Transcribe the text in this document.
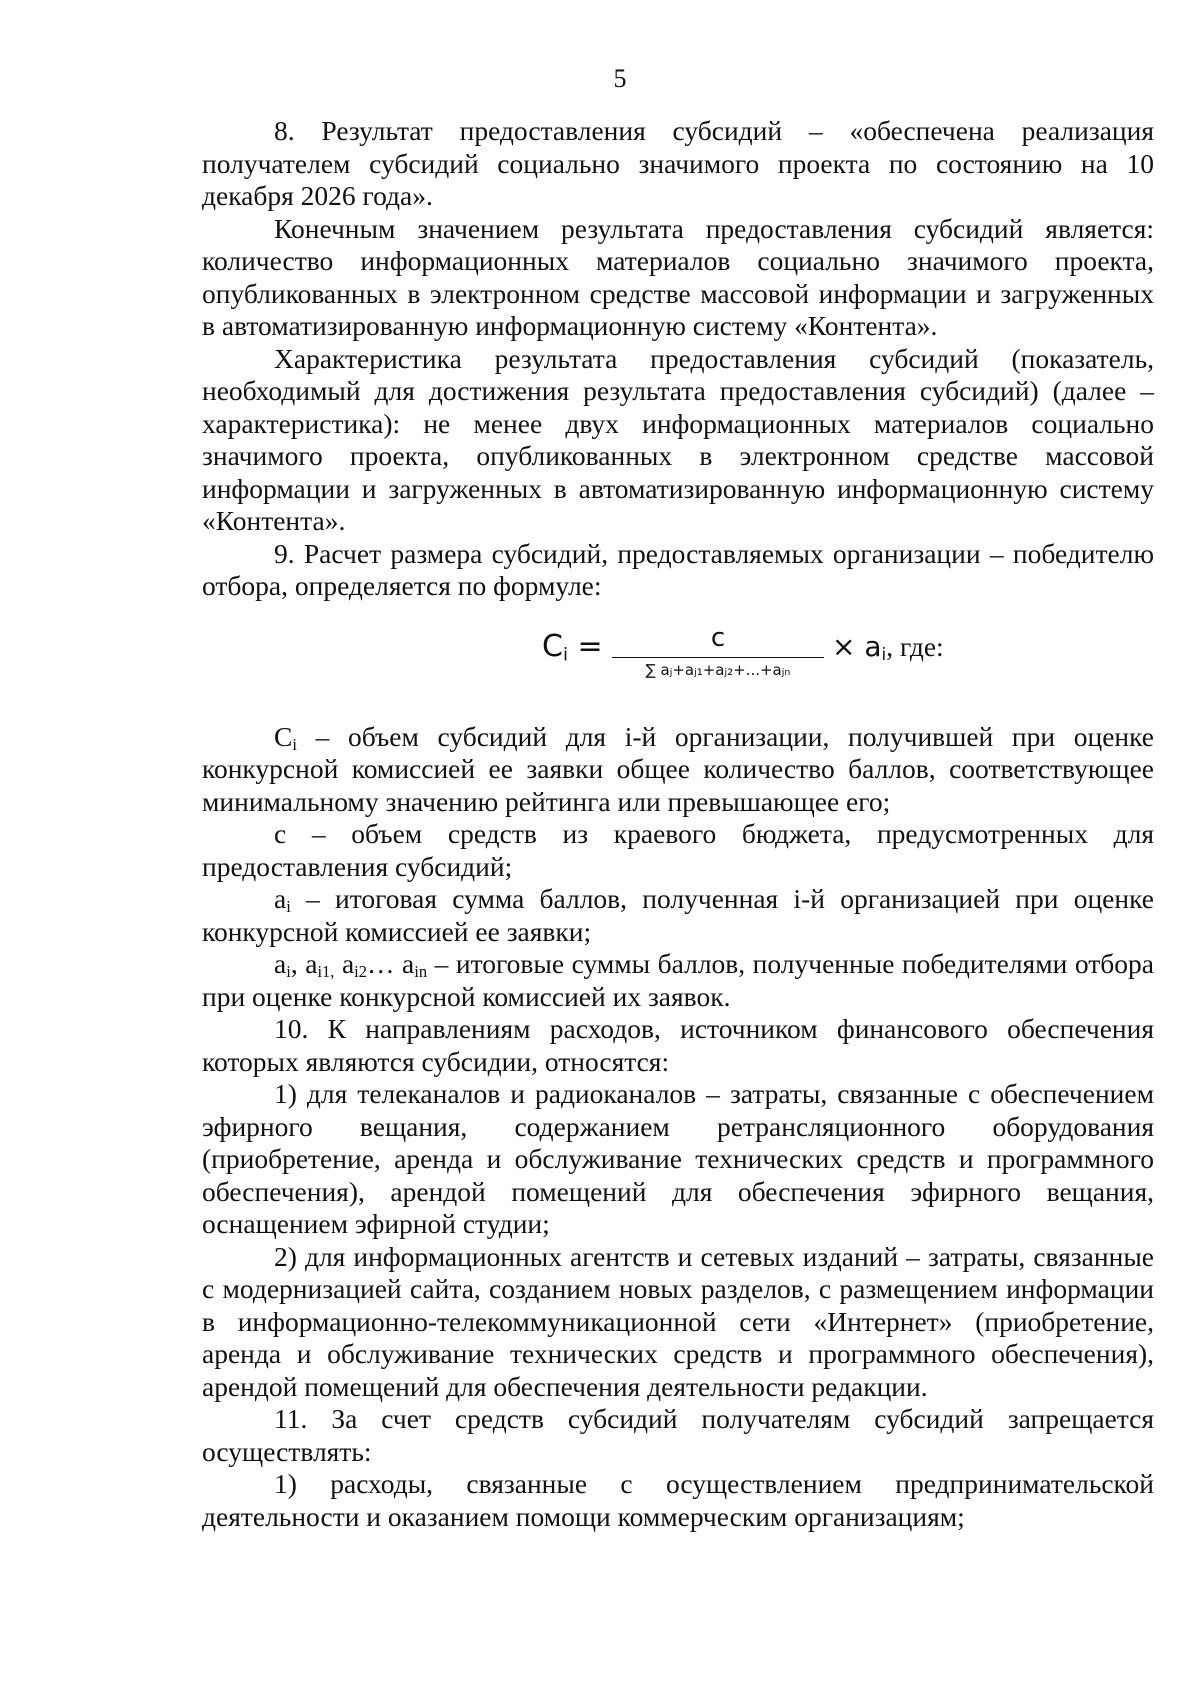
5

8. Результат предоставления субсидий – «обеспечена реализация получателем субсидий социально значимого проекта по состоянию на 10 декабря 2026 года».

Конечным значением результата предоставления субсидий является: количество информационных материалов социально значимого проекта, опубликованных в электронном средстве массовой информации и загруженных в автоматизированную информационную систему «Контента».

Характеристика результата предоставления субсидий (показатель, необходимый для достижения результата предоставления субсидий) (далее – характеристика): не менее двух информационных материалов социально значимого проекта, опубликованных в электронном средстве массовой информации и загруженных в автоматизированную информационную систему «Контента».

9. Расчет размера субсидий, предоставляемых организации – победителю отбора, определяется по формуле:

$C_i$ =	c
∑ aⱼ+aⱼ₁+aⱼ₂+...+aⱼₙ
× $a_i$, где:

$C_i$ – объем субсидий для i-й организации, получившей при оценке конкурсной комиссией ее заявки общее количество баллов, соответствующее минимальному значению рейтинга или превышающее его;

c – объем средств из краевого бюджета, предусмотренных для предоставления субсидий;

$a_i$ – итоговая сумма баллов, полученная i-й организацией при оценке конкурсной комиссией ее заявки;

$a_i$, $a_{i1,}$ $a_{i2}\dots$ $a_{in}$ – итоговые суммы баллов, полученные победителями отбора при оценке конкурсной комиссией их заявок.

10. К направлениям расходов, источником финансового обеспечения которых являются субсидии, относятся:

1) для телеканалов и радиоканалов – затраты, связанные с обеспечением эфирного вещания, содержанием ретрансляционного оборудования (приобретение, аренда и обслуживание технических средств и программного обеспечения), арендой помещений для обеспечения эфирного вещания, оснащением эфирной студии;

2) для информационных агентств и сетевых изданий – затраты, связанные с модернизацией сайта, созданием новых разделов, с размещением информации в информационно-телекоммуникационной сети «Интернет» (приобретение, аренда и обслуживание технических средств и программного обеспечения), арендой помещений для обеспечения деятельности редакции.

11. За счет средств субсидий получателям субсидий запрещается осуществлять:

1) расходы, связанные с осуществлением предпринимательской деятельности и оказанием помощи коммерческим организациям;
